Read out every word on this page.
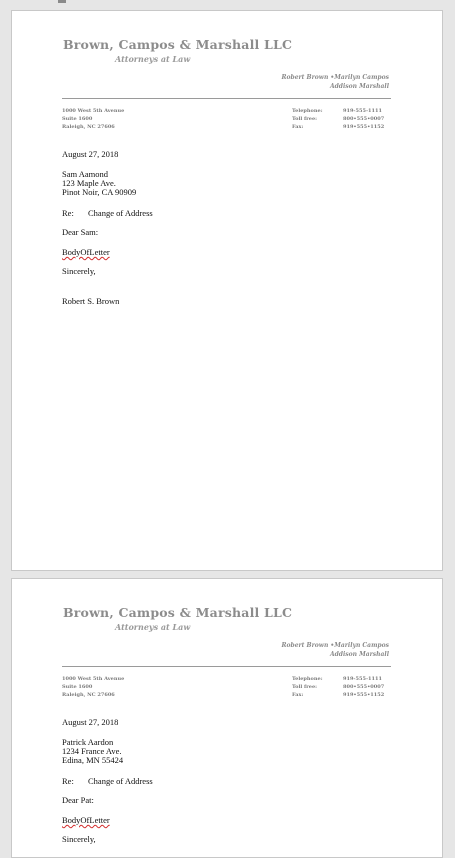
Brown, Campos & Marshall LLC
Attorneys at Law
Robert Brown •Marilyn Campos
Addison Marshall
1000 West 5th Avenue
Suite 1600
Raleigh, NC 27606
Telephone:	919-555-1111
Toll free:	800•555•0007
Fax:	919•555•1152
August 27, 2018
Sam Aamond
123 Maple Ave.
Pinot Noir, CA 90909
Re: Change of Address
Dear Sam:
BodyOfLetter
Sincerely,
Robert S. Brown
Brown, Campos & Marshall LLC
Attorneys at Law
Robert Brown •Marilyn Campos
Addison Marshall
1000 West 5th Avenue
Suite 1600
Raleigh, NC 27606
Telephone:	919-555-1111
Toll free:	800•555•0007
Fax:	919•555•1152
August 27, 2018
Patrick Aardon
1234 France Ave.
Edina, MN 55424
Re: Change of Address
Dear Pat:
BodyOfLetter
Sincerely,
